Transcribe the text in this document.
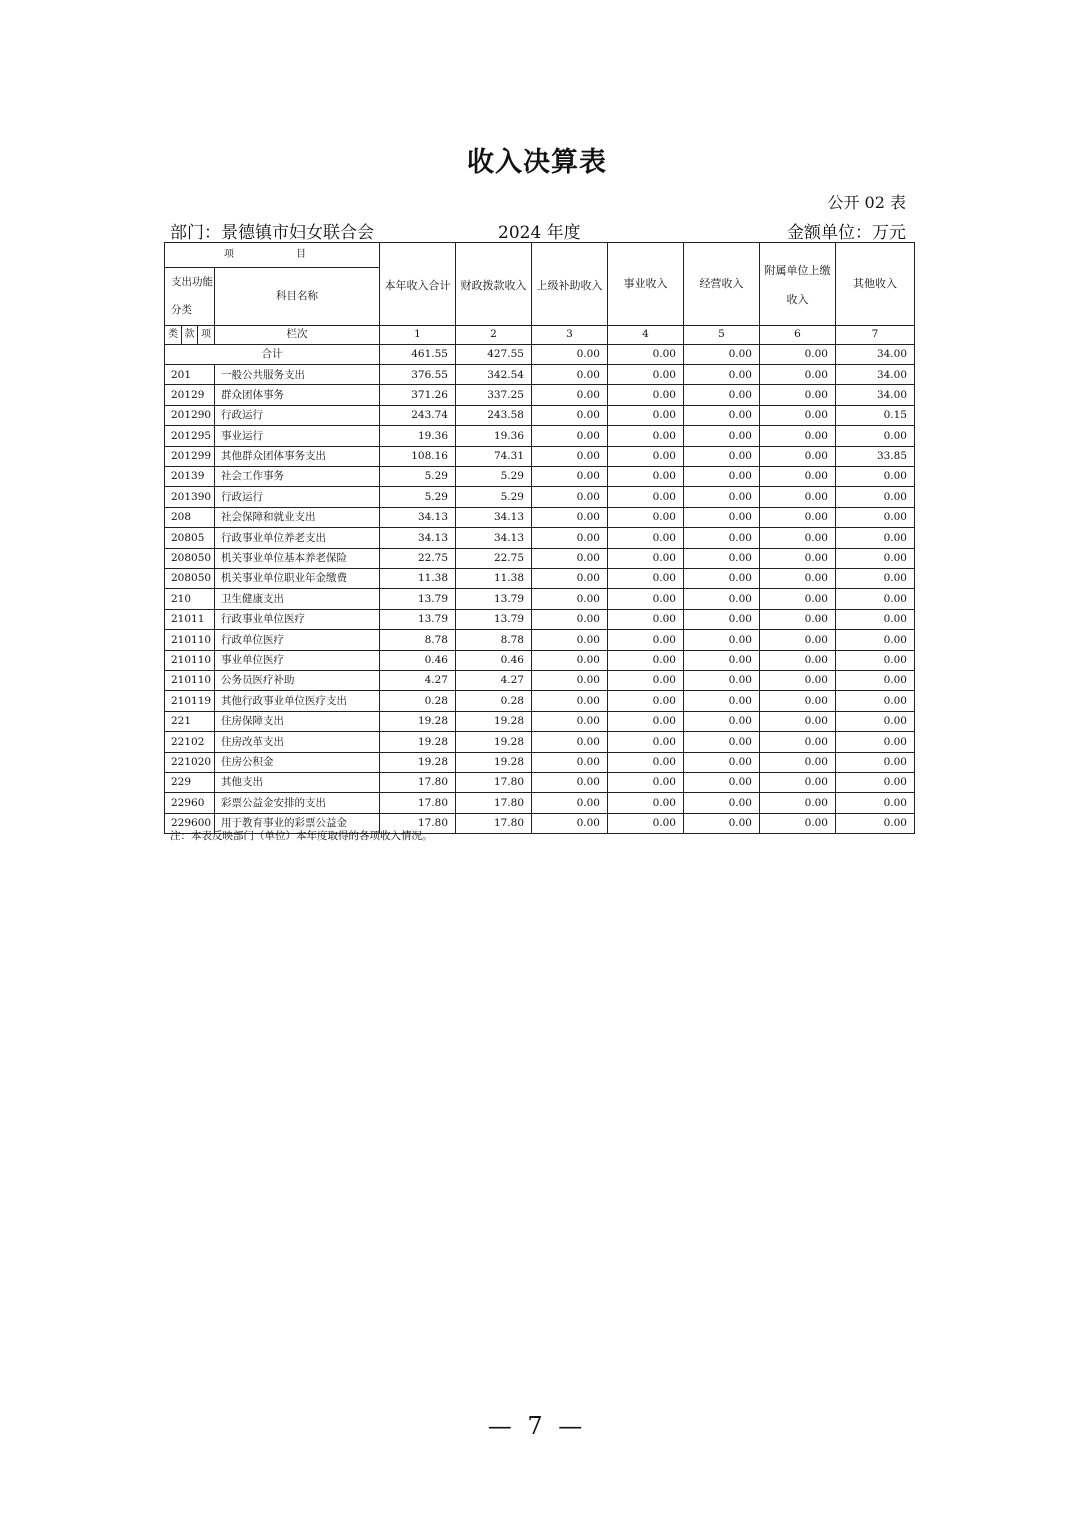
收入决算表
公开 02 表
部门：景德镇市妇女联合会	2024 年度	金额单位：万元
项　　目				本年收入合计	财政拨款收入	上级补助收入	事业收入	经营收入	附属单位上缴收入	其他收入
支出功能分类			科目名称							
类	款	项	栏次	1	2	3	4	5	6	7
合计				461.55	427.55	0.00	0.00	0.00	0.00	34.00
201			一般公共服务支出	376.55	342.54	0.00	0.00	0.00	0.00	34.00
20129			群众团体事务	371.26	337.25	0.00	0.00	0.00	0.00	34.00
201290			行政运行	243.74	243.58	0.00	0.00	0.00	0.00	0.15
201295			事业运行	19.36	19.36	0.00	0.00	0.00	0.00	0.00
201299			其他群众团体事务支出	108.16	74.31	0.00	0.00	0.00	0.00	33.85
20139			社会工作事务	5.29	5.29	0.00	0.00	0.00	0.00	0.00
201390			行政运行	5.29	5.29	0.00	0.00	0.00	0.00	0.00
208			社会保障和就业支出	34.13	34.13	0.00	0.00	0.00	0.00	0.00
20805			行政事业单位养老支出	34.13	34.13	0.00	0.00	0.00	0.00	0.00
208050			机关事业单位基本养老保险	22.75	22.75	0.00	0.00	0.00	0.00	0.00
208050			机关事业单位职业年金缴费	11.38	11.38	0.00	0.00	0.00	0.00	0.00
210			卫生健康支出	13.79	13.79	0.00	0.00	0.00	0.00	0.00
21011			行政事业单位医疗	13.79	13.79	0.00	0.00	0.00	0.00	0.00
210110			行政单位医疗	8.78	8.78	0.00	0.00	0.00	0.00	0.00
210110			事业单位医疗	0.46	0.46	0.00	0.00	0.00	0.00	0.00
210110			公务员医疗补助	4.27	4.27	0.00	0.00	0.00	0.00	0.00
210119			其他行政事业单位医疗支出	0.28	0.28	0.00	0.00	0.00	0.00	0.00
221			住房保障支出	19.28	19.28	0.00	0.00	0.00	0.00	0.00
22102			住房改革支出	19.28	19.28	0.00	0.00	0.00	0.00	0.00
221020			住房公积金	19.28	19.28	0.00	0.00	0.00	0.00	0.00
229			其他支出	17.80	17.80	0.00	0.00	0.00	0.00	0.00
22960			彩票公益金安排的支出	17.80	17.80	0.00	0.00	0.00	0.00	0.00
229600			用于教育事业的彩票公益金	17.80	17.80	0.00	0.00	0.00	0.00	0.00
注：本表反映部门（单位）本年度取得的各项收入情况。
— 7 —
